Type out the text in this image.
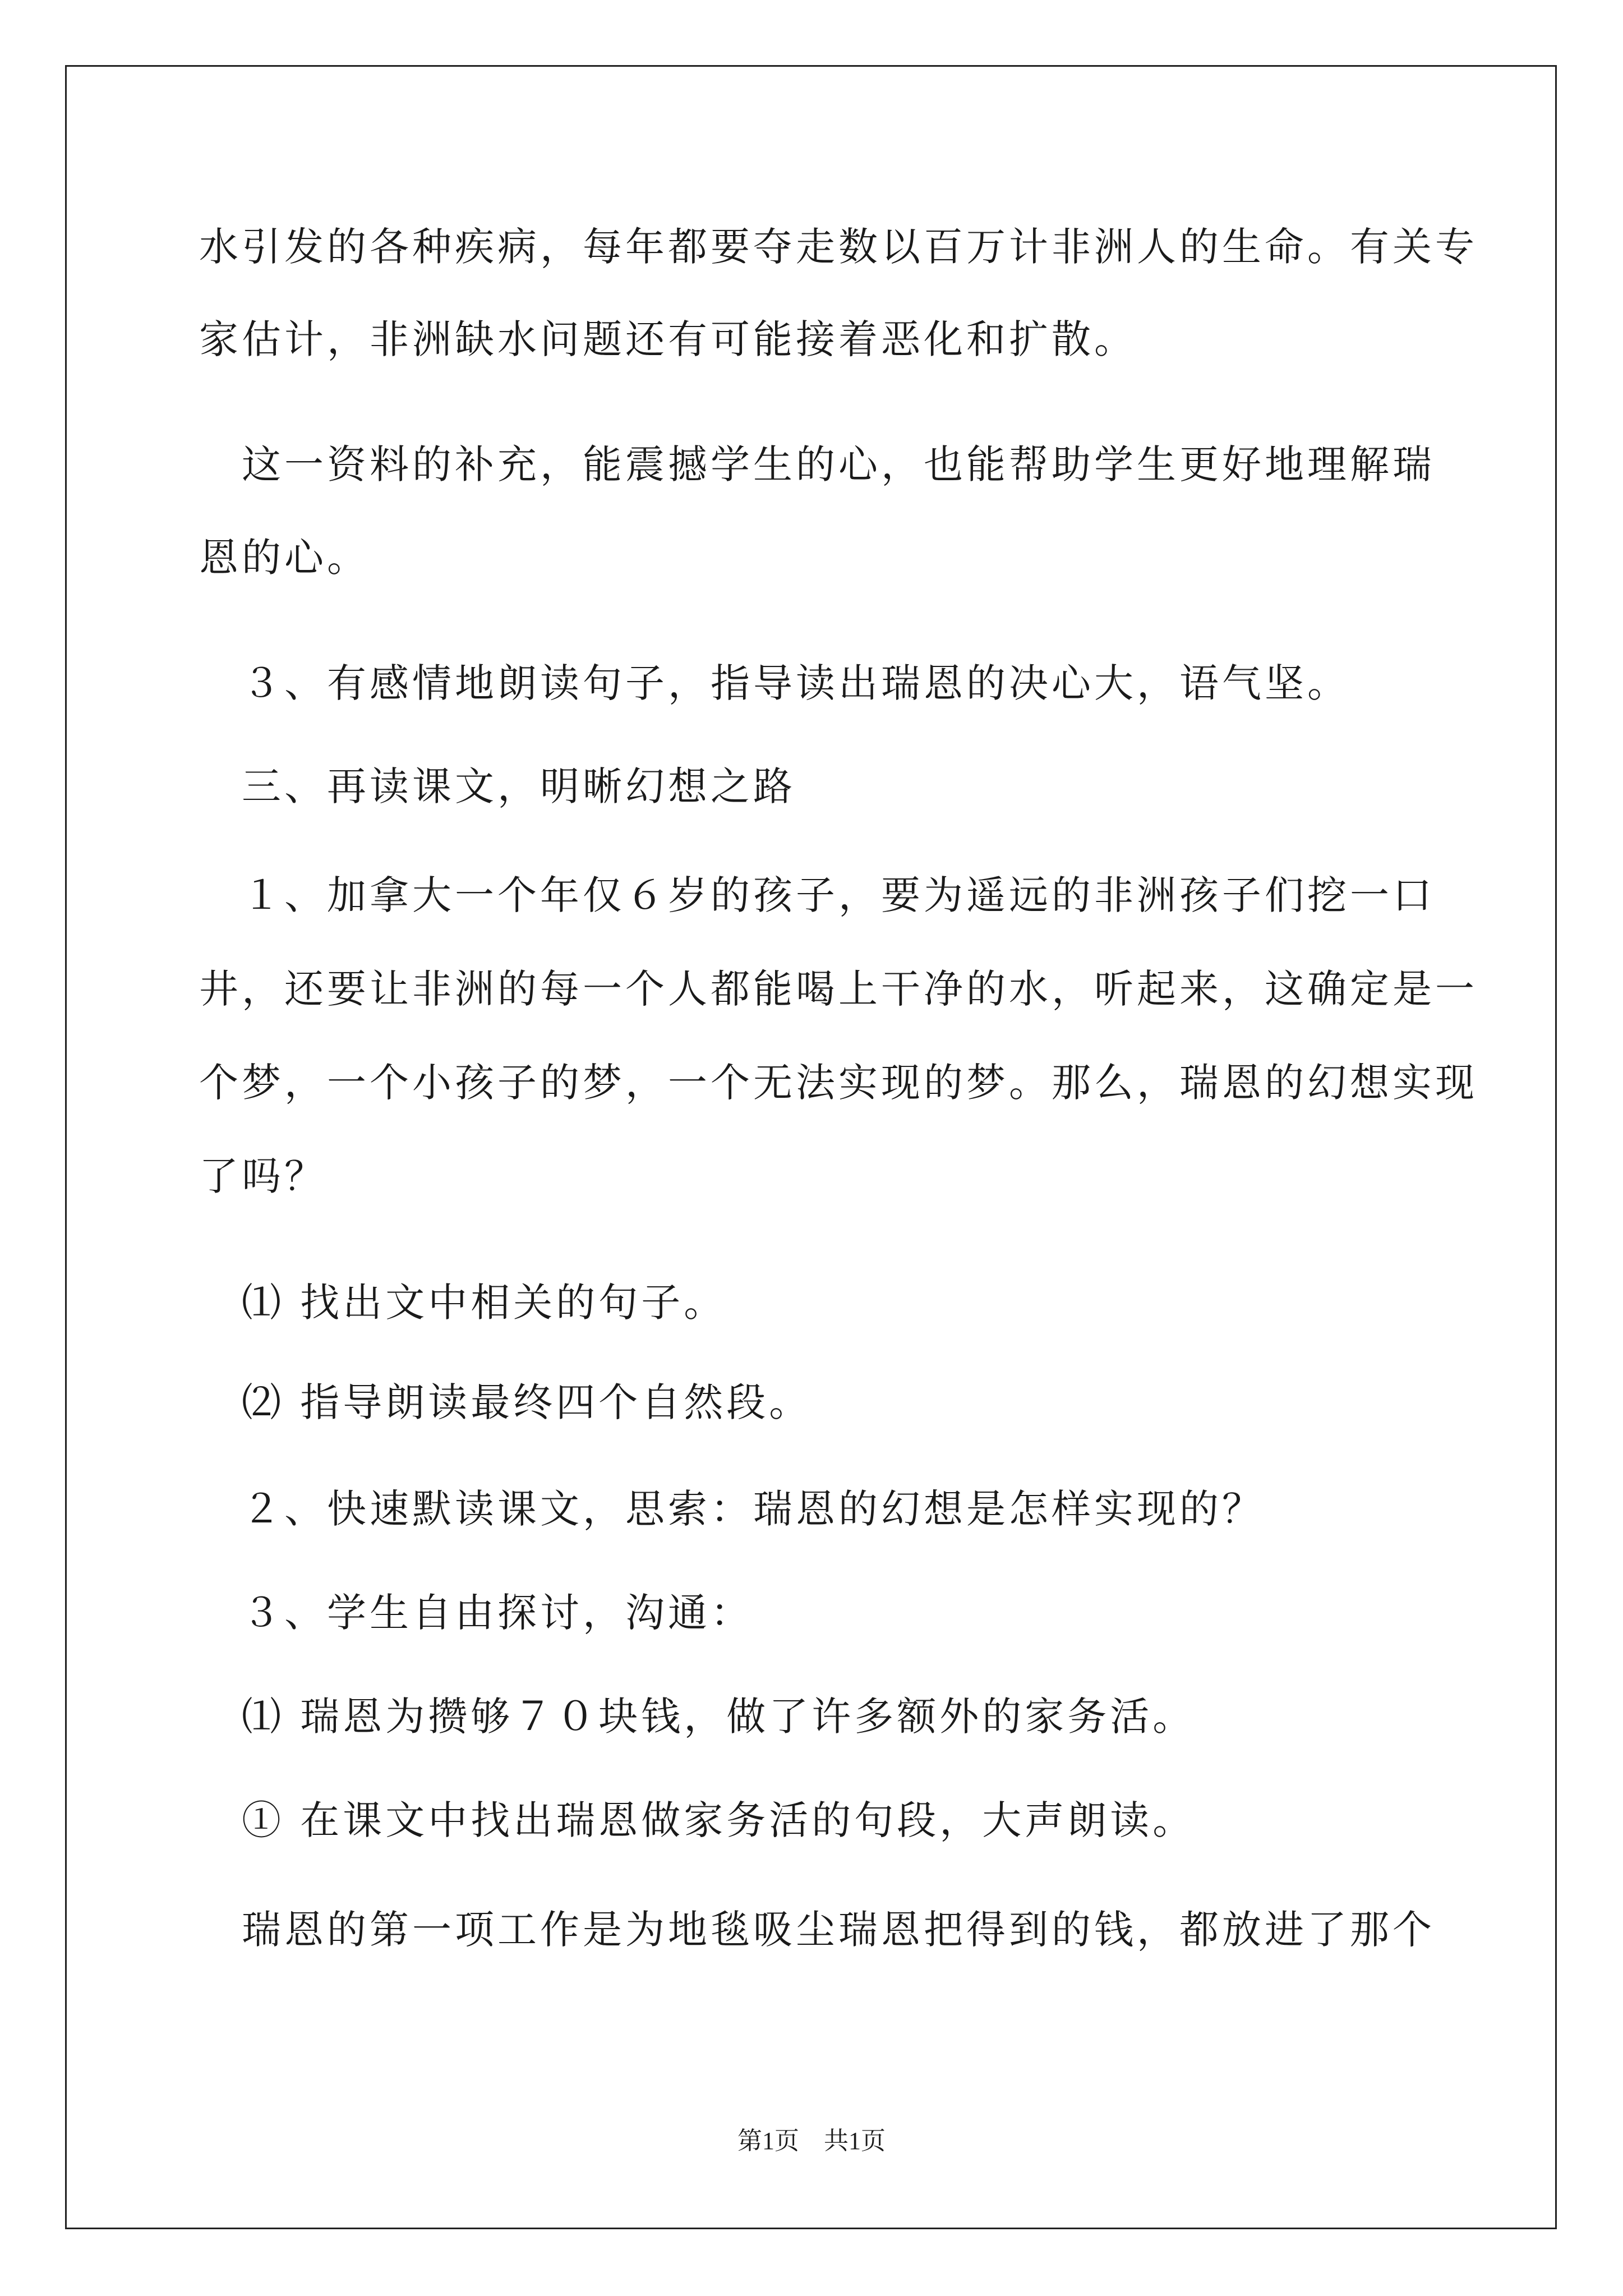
水引发的各种疾病，每年都要夺走数以百万计非洲人的生命。有关专
家估计，非洲缺水问题还有可能接着恶化和扩散。
　这一资料的补充，能震撼学生的心，也能帮助学生更好地理解瑞
恩的心。
　３、有感情地朗读句子，指导读出瑞恩的决心大，语气坚。
　三、再读课文，明晰幻想之路
　１、加拿大一个年仅６岁的孩子，要为遥远的非洲孩子们挖一口
井，还要让非洲的每一个人都能喝上干净的水，听起来，这确定是一
个梦，一个小孩子的梦，一个无法实现的梦。那么，瑞恩的幻想实现
了吗？
　⑴ 找出文中相关的句子。
　⑵ 指导朗读最终四个自然段。
　２、快速默读课文，思索：瑞恩的幻想是怎样实现的？
　３、学生自由探讨，沟通：
　⑴ 瑞恩为攒够７０块钱，做了许多额外的家务活。
　① 在课文中找出瑞恩做家务活的句段，大声朗读。
　瑞恩的第一项工作是为地毯吸尘瑞恩把得到的钱，都放进了那个
第1页　共1页
